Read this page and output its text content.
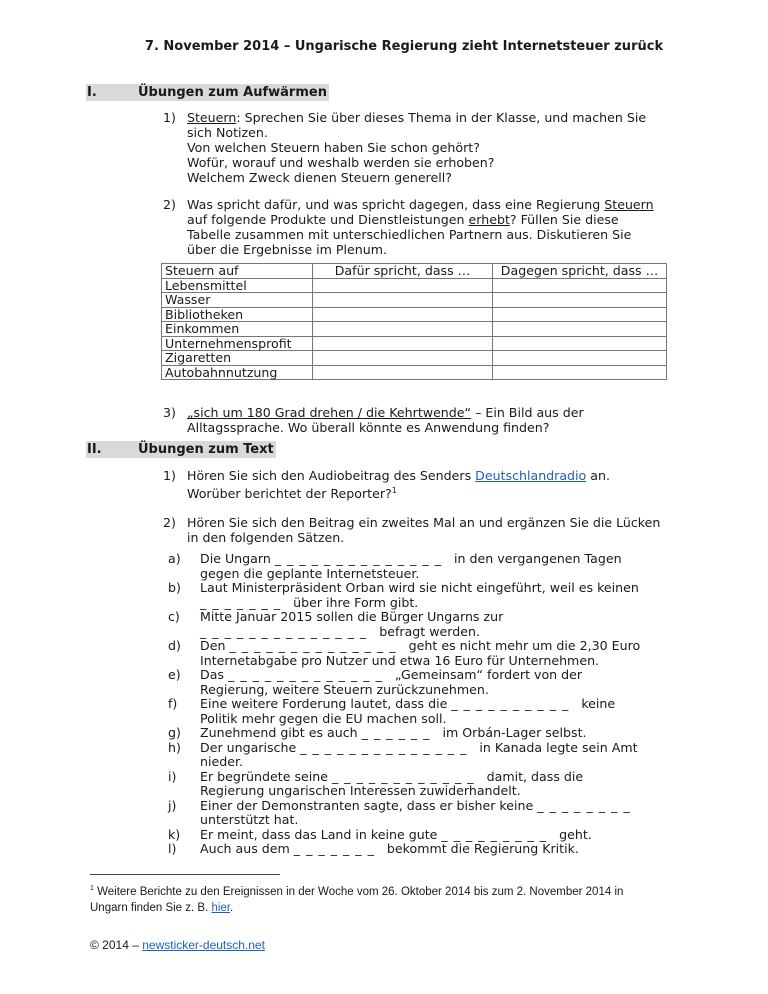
7. November 2014 – Ungarische Regierung zieht Internetsteuer zurück
I.	Übungen zum Aufwärmen
1) Steuern: Sprechen Sie über dieses Thema in der Klasse, und machen Sie
sich Notizen.
Von welchen Steuern haben Sie schon gehört?
Wofür, worauf und weshalb werden sie erhoben?
Welchem Zweck dienen Steuern generell?
2) Was spricht dafür, und was spricht dagegen, dass eine Regierung Steuern
auf folgende Produkte und Dienstleistungen erhebt? Füllen Sie diese
Tabelle zusammen mit unterschiedlichen Partnern aus. Diskutieren Sie
über die Ergebnisse im Plenum.
Steuern auf	Dafür spricht, dass …	Dagegen spricht, dass …
Lebensmittel		
Wasser		
Bibliotheken		
Einkommen		
Unternehmensprofit		
Zigaretten		
Autobahnnutzung		
3) „sich um 180 Grad drehen / die Kehrtwende“ – Ein Bild aus der
Alltagssprache. Wo überall könnte es Anwendung finden?
II.	Übungen zum Text
1) Hören Sie sich den Audiobeitrag des Senders Deutschlandradio an.
Worüber berichtet der Reporter?$^1$
2) Hören Sie sich den Beitrag ein zweites Mal an und ergänzen Sie die Lücken
in den folgenden Sätzen.
a)	Die Ungarn _ _ _ _ _ _ _ _ _ _ _ _ _ _   in den vergangenen Tagen
gegen die geplante Internetsteuer.
b)	Laut Ministerpräsident Orban wird sie nicht eingeführt, weil es keinen
_ _ _ _ _ _ _   über ihre Form gibt.
c)	Mitte Januar 2015 sollen die Bürger Ungarns zur
_ _ _ _ _ _ _ _ _ _ _ _ _ _   befragt werden.
d)	Den _ _ _ _ _ _ _ _ _ _ _ _ _ _   geht es nicht mehr um die 2,30 Euro
Internetabgabe pro Nutzer und etwa 16 Euro für Unternehmen.
e)	Das _ _ _ _ _ _ _ _ _ _ _ _ _   „Gemeinsam“ fordert von der
Regierung, weitere Steuern zurückzunehmen.
f)	Eine weitere Forderung lautet, dass die _ _ _ _ _ _ _ _ _ _   keine
Politik mehr gegen die EU machen soll.
g)	Zunehmend gibt es auch _ _ _ _ _ _   im Orbán-Lager selbst.
h)	Der ungarische _ _ _ _ _ _ _ _ _ _ _ _ _ _   in Kanada legte sein Amt
nieder.
i)	Er begründete seine _ _ _ _ _ _ _ _ _ _ _ _   damit, dass die
Regierung ungarischen Interessen zuwiderhandelt.
j)	Einer der Demonstranten sagte, dass er bisher keine _ _ _ _ _ _ _ _
unterstützt hat.
k)	Er meint, dass das Land in keine gute _ _ _ _ _ _ _ _ _   geht.
l)	Auch aus dem _ _ _ _ _ _ _   bekommt die Regierung Kritik.
$^1$ Weitere Berichte zu den Ereignissen in der Woche vom 26. Oktober 2014 bis zum 2. November 2014 in
Ungarn finden Sie z. B. hier.
© 2014 – newsticker-deutsch.net
